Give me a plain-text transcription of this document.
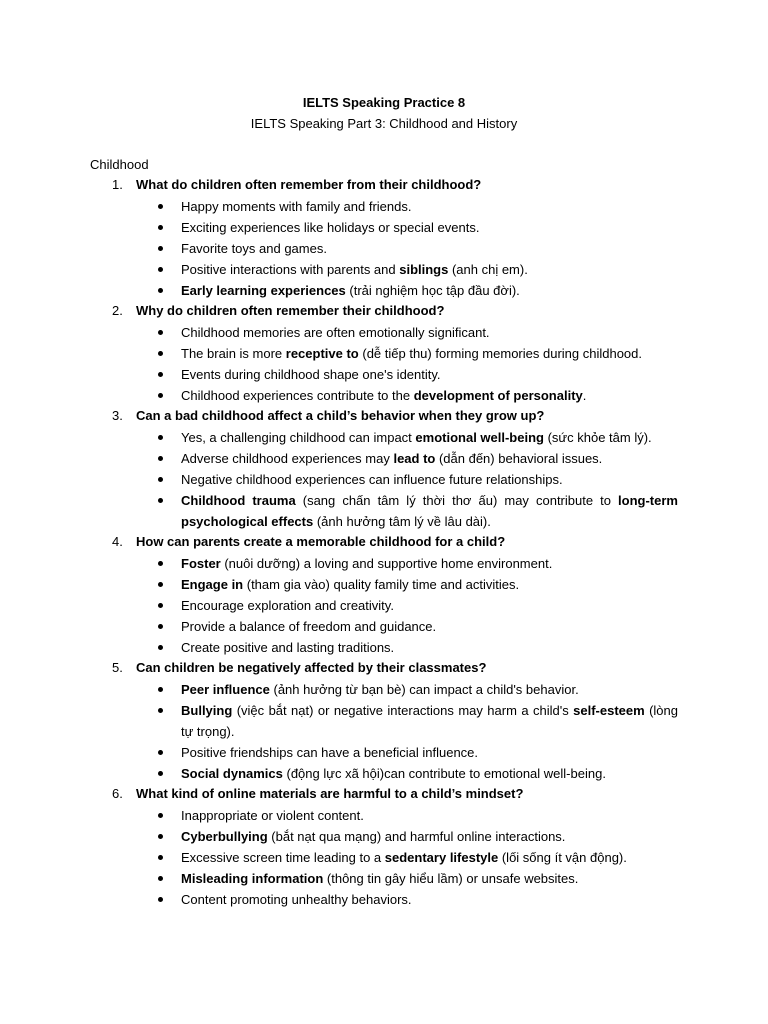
IELTS Speaking Practice 8
IELTS Speaking Part 3: Childhood and History
Childhood
1. What do children often remember from their childhood?
Happy moments with family and friends.
Exciting experiences like holidays or special events.
Favorite toys and games.
Positive interactions with parents and siblings (anh chị em).
Early learning experiences (trải nghiệm học tập đầu đời).
2. Why do children often remember their childhood?
Childhood memories are often emotionally significant.
The brain is more receptive to (dễ tiếp thu) forming memories during childhood.
Events during childhood shape one's identity.
Childhood experiences contribute to the development of personality.
3. Can a bad childhood affect a child’s behavior when they grow up?
Yes, a challenging childhood can impact emotional well-being (sức khỏe tâm lý).
Adverse childhood experiences may lead to (dẫn đến) behavioral issues.
Negative childhood experiences can influence future relationships.
Childhood trauma (sang chấn tâm lý thời thơ ấu) may contribute to long-term psychological effects (ảnh hưởng tâm lý về lâu dài).
4. How can parents create a memorable childhood for a child?
Foster (nuôi dưỡng) a loving and supportive home environment.
Engage in (tham gia vào) quality family time and activities.
Encourage exploration and creativity.
Provide a balance of freedom and guidance.
Create positive and lasting traditions.
5. Can children be negatively affected by their classmates?
Peer influence (ảnh hưởng từ bạn bè) can impact a child's behavior.
Bullying (việc bắt nạt) or negative interactions may harm a child's self-esteem (lòng tự trọng).
Positive friendships can have a beneficial influence.
Social dynamics (động lực xã hội)can contribute to emotional well-being.
6. What kind of online materials are harmful to a child’s mindset?
Inappropriate or violent content.
Cyberbullying (bắt nạt qua mạng) and harmful online interactions.
Excessive screen time leading to a sedentary lifestyle (lối sống ít vận động).
Misleading information (thông tin gây hiểu lầm) or unsafe websites.
Content promoting unhealthy behaviors.
